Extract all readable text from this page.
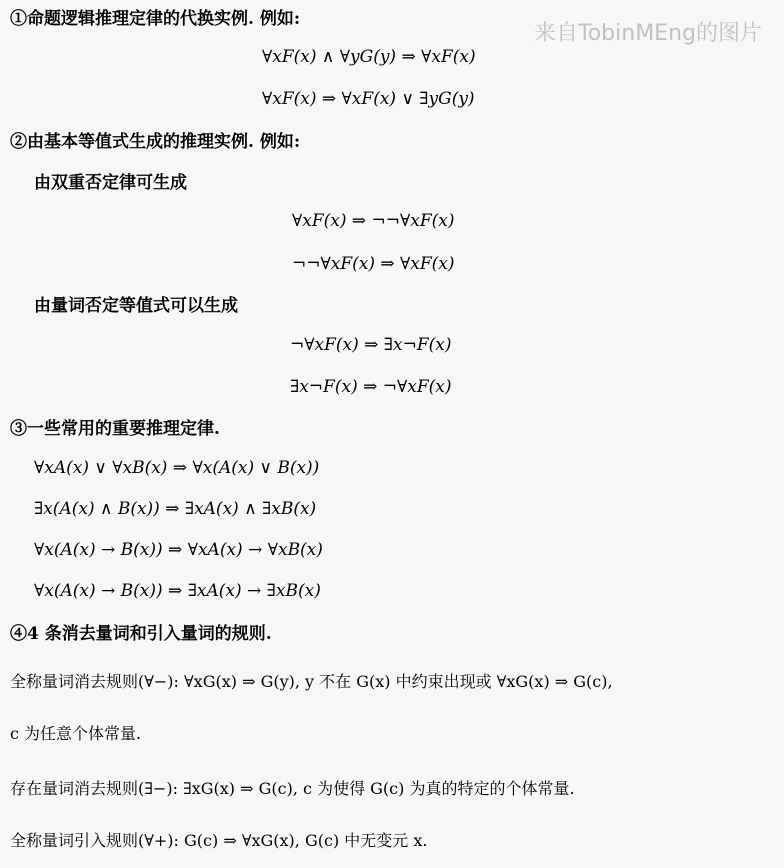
来自TobinMEng的图片
①命题逻辑推理定律的代换实例. 例如:
∀xF(x) ∧ ∀yG(y) ⇒ ∀xF(x)
∀xF(x) ⇒ ∀xF(x) ∨ ∃yG(y)
②由基本等值式生成的推理实例. 例如:
由双重否定律可生成
∀xF(x) ⇒ ¬¬∀xF(x)
¬¬∀xF(x) ⇒ ∀xF(x)
由量词否定等值式可以生成
¬∀xF(x) ⇒ ∃x¬F(x)
∃x¬F(x) ⇒ ¬∀xF(x)
③一些常用的重要推理定律.
∀xA(x) ∨ ∀xB(x) ⇒ ∀x(A(x) ∨ B(x))
∃x(A(x) ∧ B(x)) ⇒ ∃xA(x) ∧ ∃xB(x)
∀x(A(x) → B(x)) ⇒ ∀xA(x) → ∀xB(x)
∀x(A(x) → B(x)) ⇒ ∃xA(x) → ∃xB(x)
④4 条消去量词和引入量词的规则.
全称量词消去规则(∀−): ∀xG(x) ⇒ G(y), y 不在 G(x) 中约束出现或 ∀xG(x) ⇒ G(c),
c 为任意个体常量.
存在量词消去规则(∃−): ∃xG(x) ⇒ G(c), c 为使得 G(c) 为真的特定的个体常量.
全称量词引入规则(∀+): G(c) ⇒ ∀xG(x), G(c) 中无变元 x.
